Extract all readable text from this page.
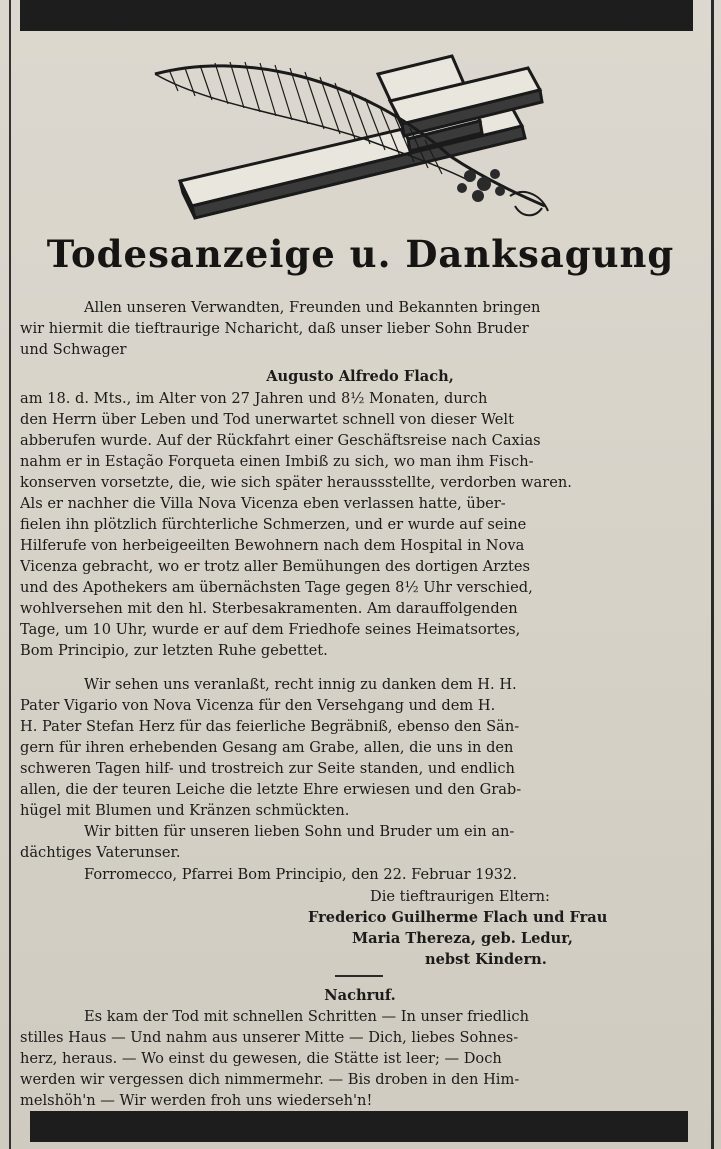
Todesanzeige u. Danksagung
Allen unseren Verwandten, Freunden und Bekannten bringen
wir hiermit die tieftraurige Ncharicht, daß unser lieber Sohn Bruder
und Schwager
Augusto Alfredo Flach,
am 18. d. Mts., im Alter von 27 Jahren und 8½ Monaten, durch
den Herrn über Leben und Tod unerwartet schnell von dieser Welt
abberufen wurde. Auf der Rückfahrt einer Geschäftsreise nach Caxias
nahm er in Estação Forqueta einen Imbiß zu sich, wo man ihm Fisch-
konserven vorsetzte, die, wie sich später heraussstellte, verdorben waren.
Als er nachher die Villa Nova Vicenza eben verlassen hatte, über-
fielen ihn plötzlich fürchterliche Schmerzen, und er wurde auf seine
Hilferufe von herbeigeeilten Bewohnern nach dem Hospital in Nova
Vicenza gebracht, wo er trotz aller Bemühungen des dortigen Arztes
und des Apothekers am übernächsten Tage gegen 8½ Uhr verschied,
wohlversehen mit den hl. Sterbesakramenten. Am darauffolgenden
Tage, um 10 Uhr, wurde er auf dem Friedhofe seines Heimatsortes,
Bom Principio, zur letzten Ruhe gebettet.
Wir sehen uns veranlaßt, recht innig zu danken dem H. H.
Pater Vigario von Nova Vicenza für den Versehgang und dem H.
H. Pater Stefan Herz für das feierliche Begräbniß, ebenso den Sän-
gern für ihren erhebenden Gesang am Grabe, allen, die uns in den
schweren Tagen hilf- und trostreich zur Seite standen, und endlich
allen, die der teuren Leiche die letzte Ehre erwiesen und den Grab-
hügel mit Blumen und Kränzen schmückten.
Wir bitten für unseren lieben Sohn und Bruder um ein an-
dächtiges Vaterunser.
Forromecco, Pfarrei Bom Principio, den 22. Februar 1932.
Die tieftraurigen Eltern:
Frederico Guilherme Flach und Frau
Maria Thereza, geb. Ledur,
nebst Kindern.
Nachruf.
Es kam der Tod mit schnellen Schritten — In unser friedlich
stilles Haus — Und nahm aus unserer Mitte — Dich, liebes Sohnes-
herz, heraus. — Wo einst du gewesen, die Stätte ist leer; — Doch
werden wir vergessen dich nimmermehr. — Bis droben in den Him-
melshöh'n — Wir werden froh uns wiederseh'n!
